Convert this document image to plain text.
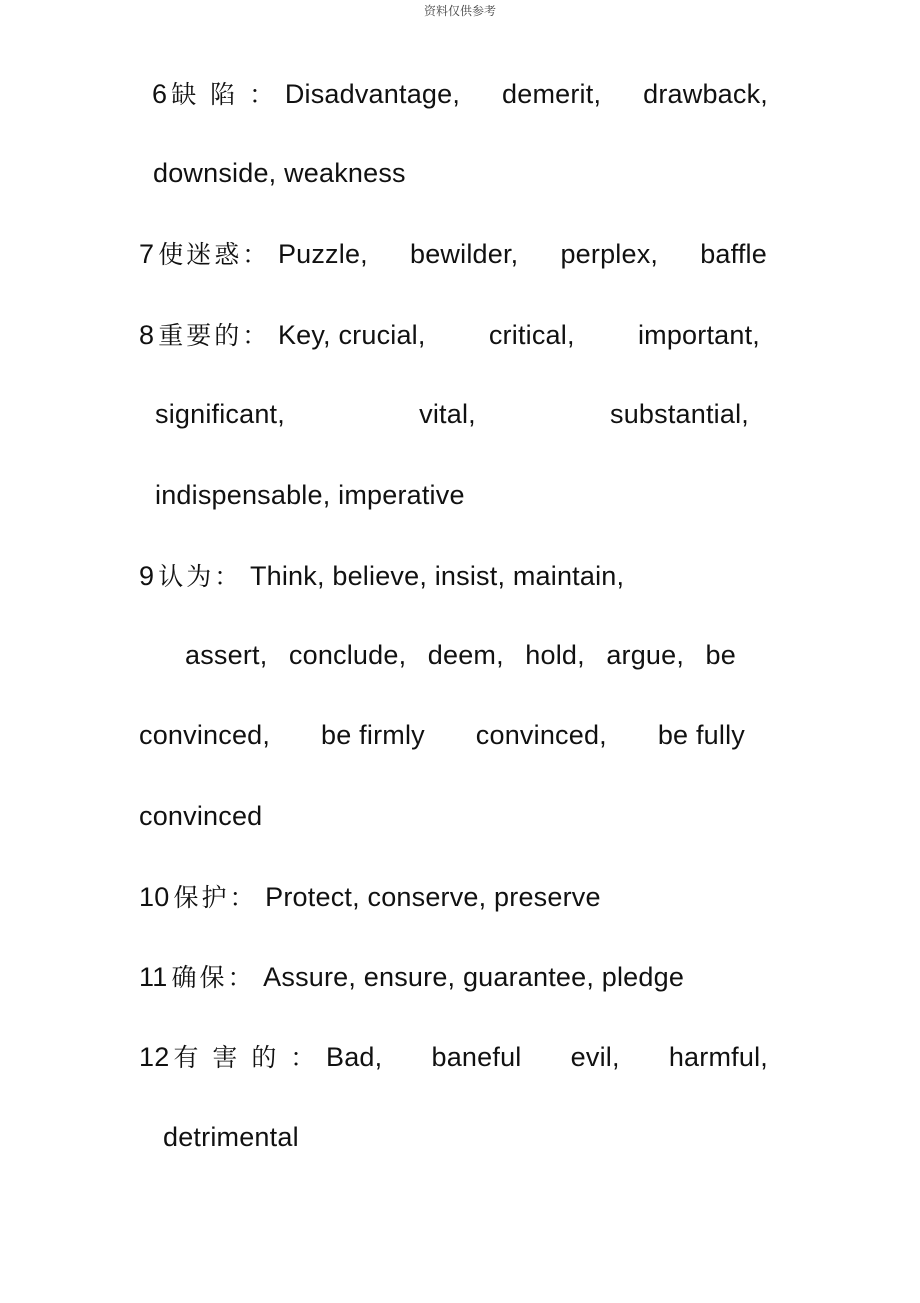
资料仅供参考
6 缺 陷 ： Disadvantage, demerit, drawback,
downside, weakness
7 使迷惑： Puzzle, bewilder, perplex, baffle
8 重要的： Key, crucial, critical, important,
significant,	vital,	substantial,
indispensable, imperative
9 认为： Think, believe, insist, maintain,
assert, conclude, deem, hold, argue, be
convinced, be firmly convinced, be fully
convinced
10 保护： Protect, conserve, preserve
11 确保： Assure, ensure, guarantee, pledge
12 有 害 的 ： Bad, baneful evil, harmful,
detrimental
